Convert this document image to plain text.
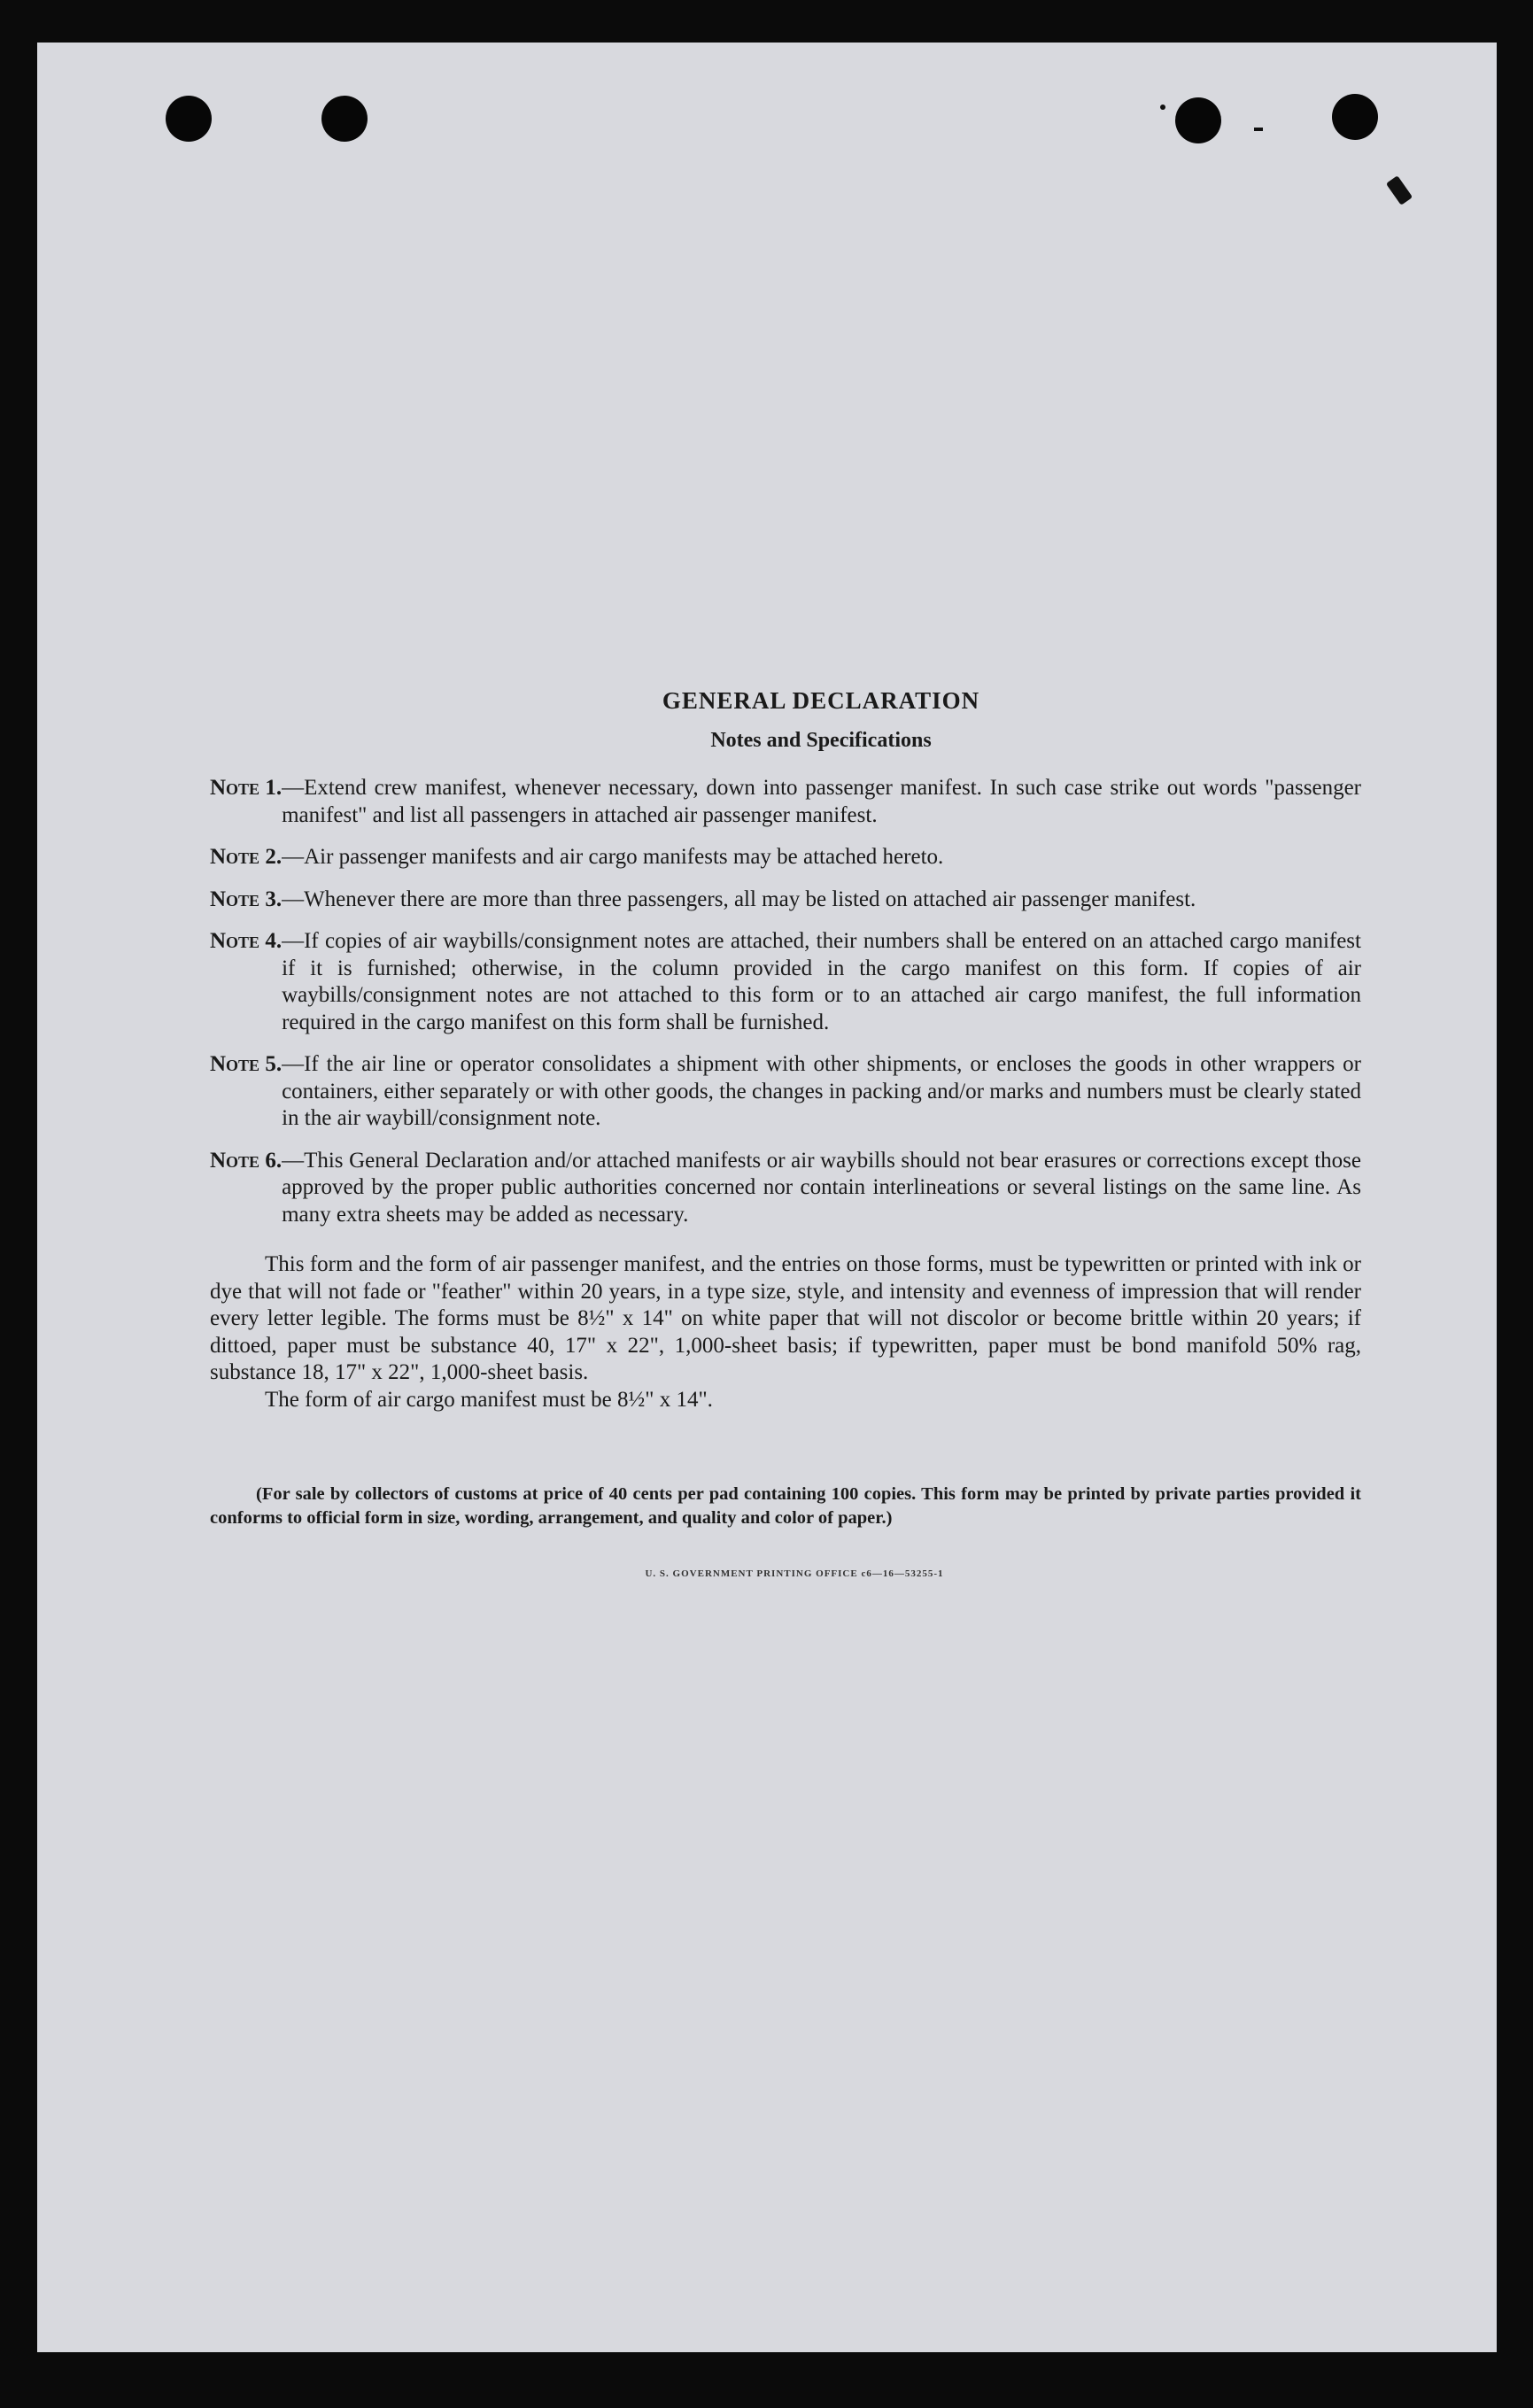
GENERAL DECLARATION
Notes and Specifications
Note 1. —Extend crew manifest, whenever necessary, down into passenger manifest. In such case strike out words "passenger manifest" and list all passengers in attached air passenger manifest.
Note 2. —Air passenger manifests and air cargo manifests may be attached hereto.
Note 3. —Whenever there are more than three passengers, all may be listed on attached air passenger manifest.
Note 4. —If copies of air waybills/consignment notes are attached, their numbers shall be entered on an attached cargo manifest if it is furnished; otherwise, in the column provided in the cargo manifest on this form. If copies of air waybills/consignment notes are not attached to this form or to an attached air cargo manifest, the full information required in the cargo manifest on this form shall be furnished.
Note 5. —If the air line or operator consolidates a shipment with other shipments, or encloses the goods in other wrappers or containers, either separately or with other goods, the changes in packing and/or marks and numbers must be clearly stated in the air waybill/consignment note.
Note 6. —This General Declaration and/or attached manifests or air waybills should not bear erasures or corrections except those approved by the proper public authorities concerned nor contain interlineations or several listings on the same line. As many extra sheets may be added as necessary.

This form and the form of air passenger manifest, and the entries on those forms, must be typewritten or printed with ink or dye that will not fade or "feather" within 20 years, in a type size, style, and intensity and evenness of impression that will render every letter legible. The forms must be 8½" x 14" on white paper that will not discolor or become brittle within 20 years; if dittoed, paper must be substance 40, 17" x 22", 1,000-sheet basis; if typewritten, paper must be bond manifold 50% rag, substance 18, 17" x 22", 1,000-sheet basis.

The form of air cargo manifest must be 8½" x 14".

(For sale by collectors of customs at price of 40 cents per pad containing 100 copies. This form may be printed by private parties provided it conforms to official form in size, wording, arrangement, and quality and color of paper.)

U. S. GOVERNMENT PRINTING OFFICE c6—16—53255-1
